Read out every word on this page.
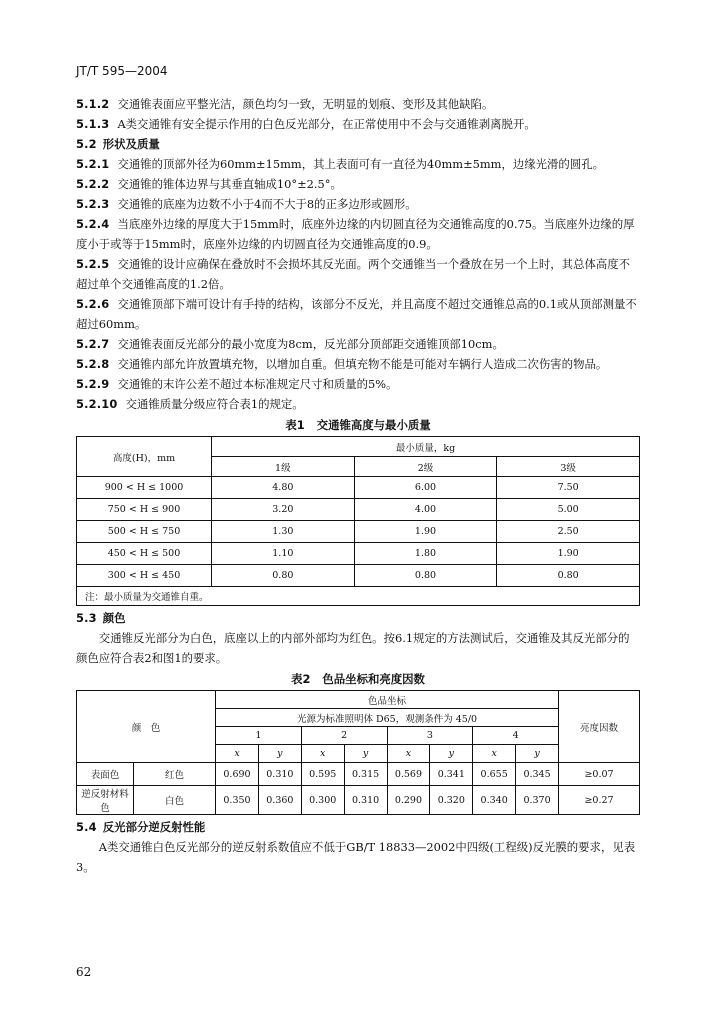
JT/T 595—2004

5.1.2 交通锥表面应平整光洁，颜色均匀一致，无明显的划痕、变形及其他缺陷。

5.1.3 A类交通锥有安全提示作用的白色反光部分，在正常使用中不会与交通锥剥离脱开。

5.2 形状及质量

5.2.1 交通锥的顶部外径为60mm±15mm，其上表面可有一直径为40mm±5mm，边缘光滑的圆孔。

5.2.2 交通锥的锥体边界与其垂直轴成10°±2.5°。

5.2.3 交通锥的底座为边数不小于4而不大于8的正多边形或圆形。

5.2.4 当底座外边缘的厚度大于15mm时，底座外边缘的内切圆直径为交通锥高度的0.75。当底座外边缘的厚度小于或等于15mm时，底座外边缘的内切圆直径为交通锥高度的0.9。

5.2.5 交通锥的设计应确保在叠放时不会损坏其反光面。两个交通锥当一个叠放在另一个上时，其总体高度不超过单个交通锥高度的1.2倍。

5.2.6 交通锥顶部下端可设计有手持的结构，该部分不反光，并且高度不超过交通锥总高的0.1或从顶部测量不超过60mm。

5.2.7 交通锥表面反光部分的最小宽度为8cm，反光部分顶部距交通锥顶部10cm。

5.2.8 交通锥内部允许放置填充物，以增加自重。但填充物不能是可能对车辆行人造成二次伤害的物品。

5.2.9 交通锥的末许公差不超过本标准规定尺寸和质量的5%。

5.2.10 交通锥质量分级应符合表1的规定。

表1 交通锥高度与最小质量
高度(H)，mm	最小质量，kg		
	1级	2级	3级
900 < H ≤ 1000	4.80	6.00	7.50
750 < H ≤ 900	3.20	4.00	5.00
500 < H ≤ 750	1.30	1.90	2.50
450 < H ≤ 500	1.10	1.80	1.90
300 < H ≤ 450	0.80	0.80	0.80
注：最小质量为交通锥自重。			

5.3 颜色

交通锥反光部分为白色，底座以上的内部外部均为红色。按6.1规定的方法测试后，交通锥及其反光部分的颜色应符合表2和图1的要求。

表2 色品坐标和亮度因数
颜　色		色品坐标								亮度因数
		光源为标准照明体 D65，观测条件为 45/0								
		1		2		3		4		
		x	y	x	y	x	y	x	y	
表面色	红色	0.690	0.310	0.595	0.315	0.569	0.341	0.655	0.345	≥0.07
逆反射材料色	白色	0.350	0.360	0.300	0.310	0.290	0.320	0.340	0.370	≥0.27

5.4 反光部分逆反射性能

A类交通锥白色反光部分的逆反射系数值应不低于GB/T 18833—2002中四级(工程级)反光膜的要求，见表3。

62
